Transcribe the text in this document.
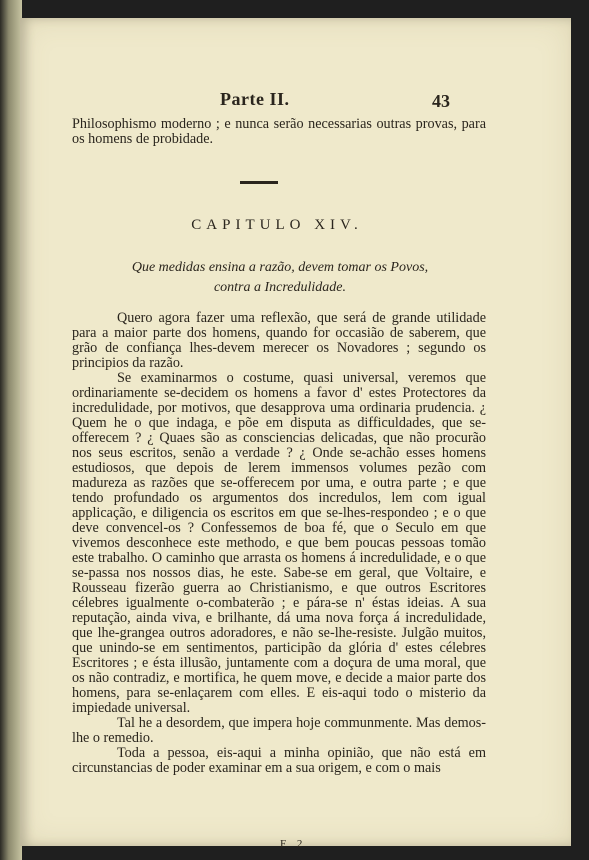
Parte II.	43
Philosophismo moderno ; e nunca serão necessarias outras provas, para os homens de probidade.
CAPITULO XIV.
Que medidas ensina a razão, devem tomar os Povos,
contra a Incredulidade.

Quero agora fazer uma reflexão, que será de grande utilidade para a maior parte dos homens, quando for occasião de saberem, que grão de confiança lhes-devem merecer os Novadores ; segundo os principios da razão.

Se examinarmos o costume, quasi universal, veremos que ordinariamente se-decidem os homens a favor d' estes Protectores da incredulidade, por motivos, que desapprova uma ordinaria prudencia. ¿ Quem he o que indaga, e põe em disputa as difficuldades, que se-offerecem ? ¿ Quaes são as consciencias delicadas, que não procurão nos seus escritos, senão a verdade ? ¿ Onde se-achão esses homens estudiosos, que depois de lerem immensos volumes pezão com madureza as razões que se-offerecem por uma, e outra parte ; e que tendo profundado os argumentos dos incredulos, lem com igual applicação, e diligencia os escritos em que se-lhes-respondeo ; e o que deve convencel-os ? Confessemos de boa fé, que o Seculo em que vivemos desconhece este methodo, e que bem poucas pessoas tomão este trabalho. O caminho que arrasta os homens á incredulidade, e o que se-passa nos nossos dias, he este. Sabe-se em geral, que Voltaire, e Rousseau fizerão guerra ao Christianismo, e que outros Escritores célebres igualmente o-combaterão ; e pára-se n' éstas ideias. A sua reputação, ainda viva, e brilhante, dá uma nova força á incredulidade, que lhe-grangea outros adoradores, e não se-lhe-resiste. Julgão muitos, que unindo-se em sentimentos, participão da glória d' estes célebres Escritores ; e ésta illusão, juntamente com a doçura de uma moral, que os não contradiz, e mortifica, he quem move, e decide a maior parte dos homens, para se-enlaçarem com elles. E eis-aqui todo o misterio da impiedade universal.

Tal he a desordem, que impera hoje communmente. Mas demos-lhe o remedio.

Toda a pessoa, eis-aqui a minha opinião, que não está em circunstancias de poder examinar em a sua origem, e com o mais

F 2
